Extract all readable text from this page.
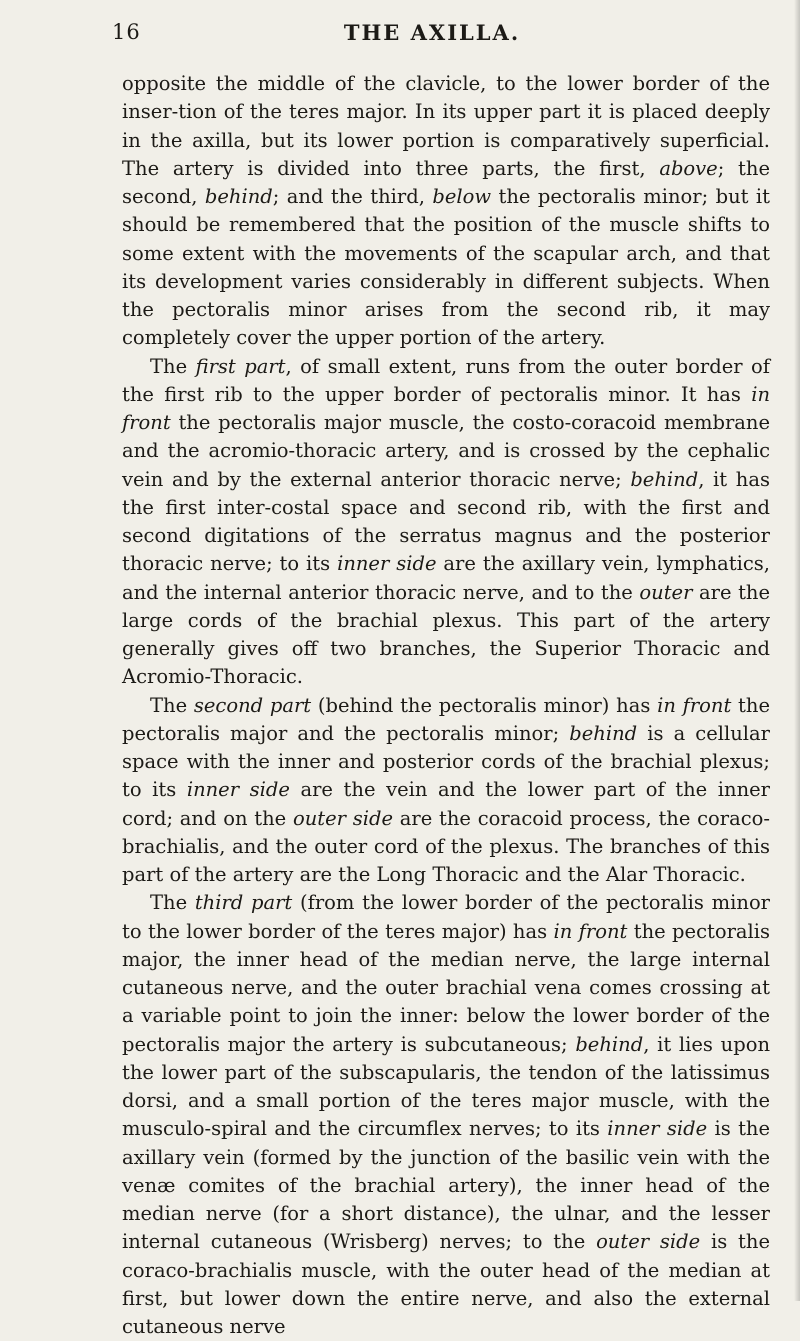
16	THE AXILLA.

opposite the middle of the clavicle, to the lower border of the inser-tion of the teres major. In its upper part it is placed deeply in the axilla, but its lower portion is comparatively superficial. The artery is divided into three parts, the first, above; the second, behind; and the third, below the pectoralis minor; but it should be remembered that the position of the muscle shifts to some extent with the movements of the scapular arch, and that its development varies considerably in different subjects. When the pectoralis minor arises from the second rib, it may completely cover the upper portion of the artery.

The first part, of small extent, runs from the outer border of the first rib to the upper border of pectoralis minor. It has in front the pectoralis major muscle, the costo-coracoid membrane and the acromio-thoracic artery, and is crossed by the cephalic vein and by the external anterior thoracic nerve; behind, it has the first inter-costal space and second rib, with the first and second digitations of the serratus magnus and the posterior thoracic nerve; to its inner side are the axillary vein, lymphatics, and the internal anterior thoracic nerve, and to the outer are the large cords of the brachial plexus. This part of the artery generally gives off two branches, the Superior Thoracic and Acromio-Thoracic.

The second part (behind the pectoralis minor) has in front the pectoralis major and the pectoralis minor; behind is a cellular space with the inner and posterior cords of the brachial plexus; to its inner side are the vein and the lower part of the inner cord; and on the outer side are the coracoid process, the coraco-brachialis, and the outer cord of the plexus. The branches of this part of the artery are the Long Thoracic and the Alar Thoracic.

The third part (from the lower border of the pectoralis minor to the lower border of the teres major) has in front the pectoralis major, the inner head of the median nerve, the large internal cutaneous nerve, and the outer brachial vena comes crossing at a variable point to join the inner: below the lower border of the pectoralis major the artery is subcutaneous; behind, it lies upon the lower part of the subscapularis, the tendon of the latissimus dorsi, and a small portion of the teres major muscle, with the musculo-spiral and the circumflex nerves; to its inner side is the axillary vein (formed by the junction of the basilic vein with the venæ comites of the brachial artery), the inner head of the median nerve (for a short distance), the ulnar, and the lesser internal cutaneous (Wrisberg) nerves; to the outer side is the coraco-brachialis muscle, with the outer head of the median at first, but lower down the entire nerve, and also the external cutaneous nerve
